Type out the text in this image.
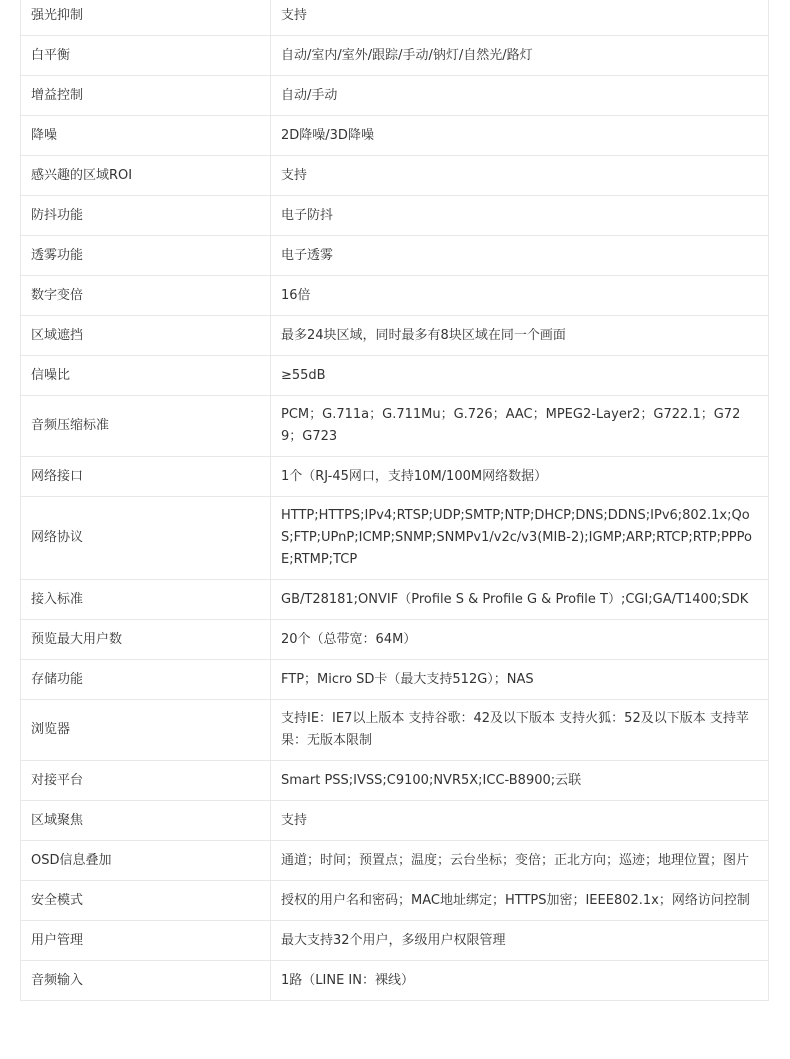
强光抑制	支持
白平衡	自动/室内/室外/跟踪/手动/钠灯/自然光/路灯
增益控制	自动/手动
降噪	2D降噪/3D降噪
感兴趣的区域ROI	支持
防抖功能	电子防抖
透雾功能	电子透雾
数字变倍	16倍
区域遮挡	最多24块区域，同时最多有8块区域在同一个画面
信噪比	≥55dB
音频压缩标准	PCM；G.711a；G.711Mu；G.726；AAC；MPEG2-Layer2；G722.1；G729；G723
网络接口	1个（RJ-45网口，支持10M/100M网络数据）
网络协议	HTTP;HTTPS;IPv4;RTSP;UDP;SMTP;NTP;DHCP;DNS;DDNS;IPv6;802.1x;QoS;FTP;UPnP;ICMP;SNMP;SNMPv1/v2c/v3(MIB-2);IGMP;ARP;RTCP;RTP;PPPoE;RTMP;TCP
接入标准	GB/T28181;ONVIF（Profile S & Profile G & Profile T）;CGI;GA/T1400;SDK
预览最大用户数	20个（总带宽：64M）
存储功能	FTP；Micro SD卡（最大支持512G）；NAS
浏览器	支持IE：IE7以上版本 支持谷歌：42及以下版本 支持火狐：52及以下版本 支持苹果：无版本限制
对接平台	Smart PSS;IVSS;C9100;NVR5X;ICC-B8900;云联
区域聚焦	支持
OSD信息叠加	通道；时间；预置点；温度；云台坐标；变倍；正北方向；巡迹；地理位置；图片
安全模式	授权的用户名和密码；MAC地址绑定；HTTPS加密；IEEE802.1x；网络访问控制
用户管理	最大支持32个用户，多级用户权限管理
音频输入	1路（LINE IN：裸线）
